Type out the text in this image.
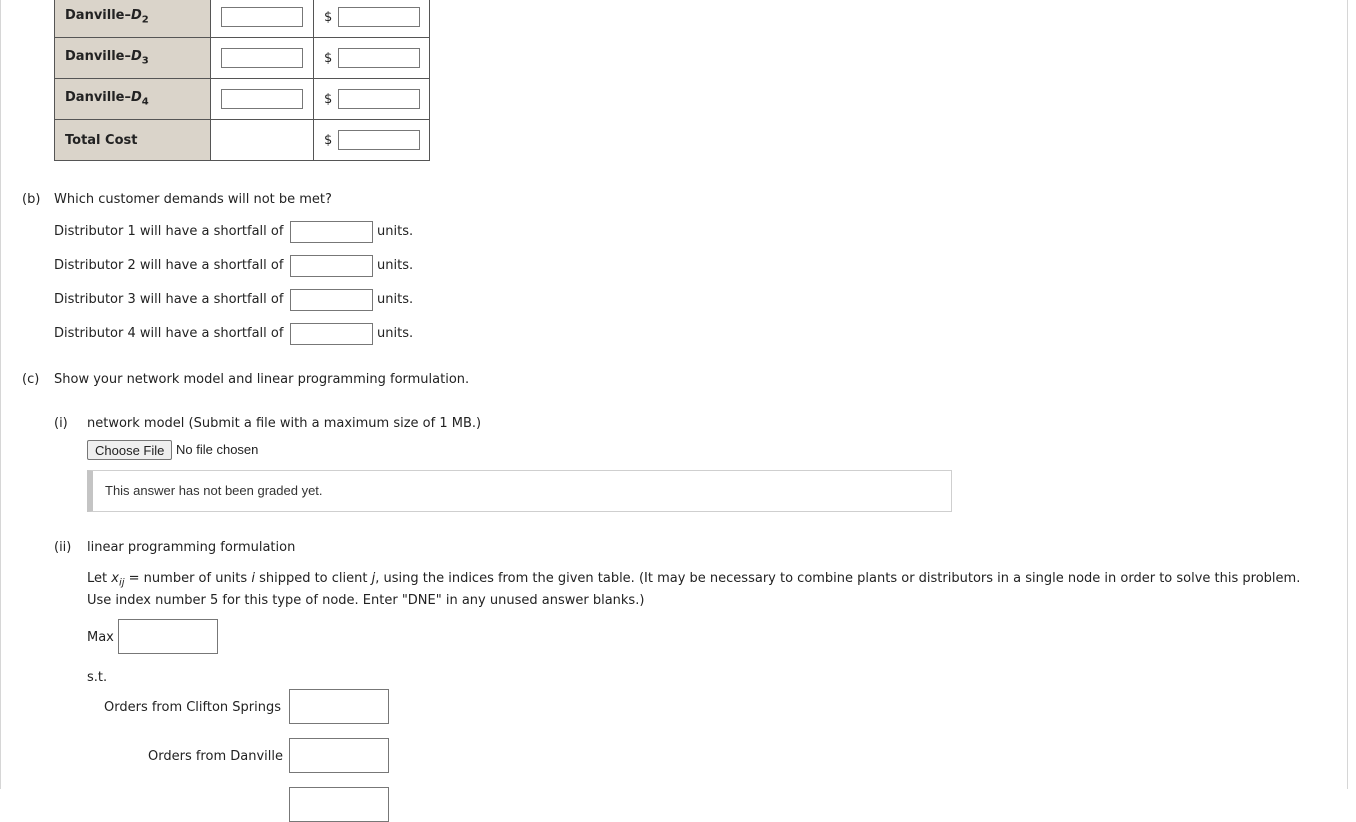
Danville–$D_2$		$
Danville–$D_3$		$
Danville–$D_4$		$
Total Cost		$
(b) Which customer demands will not be met?
Distributor 1 will have a shortfall of	units.
Distributor 2 will have a shortfall of	units.
Distributor 3 will have a shortfall of	units.
Distributor 4 will have a shortfall of	units.
(c) Show your network model and linear programming formulation.
(i) network model (Submit a file with a maximum size of 1 MB.)
Choose File No file chosen
This answer has not been graded yet.
(ii) linear programming formulation
Let $x_{ij}$ = number of units i shipped to client j, using the indices from the given table. (It may be necessary to combine plants or distributors in a single node in order to solve this problem.
Use index number 5 for this type of node. Enter "DNE" in any unused answer blanks.)
Max
s.t.
Orders from Clifton Springs
Orders from Danville
